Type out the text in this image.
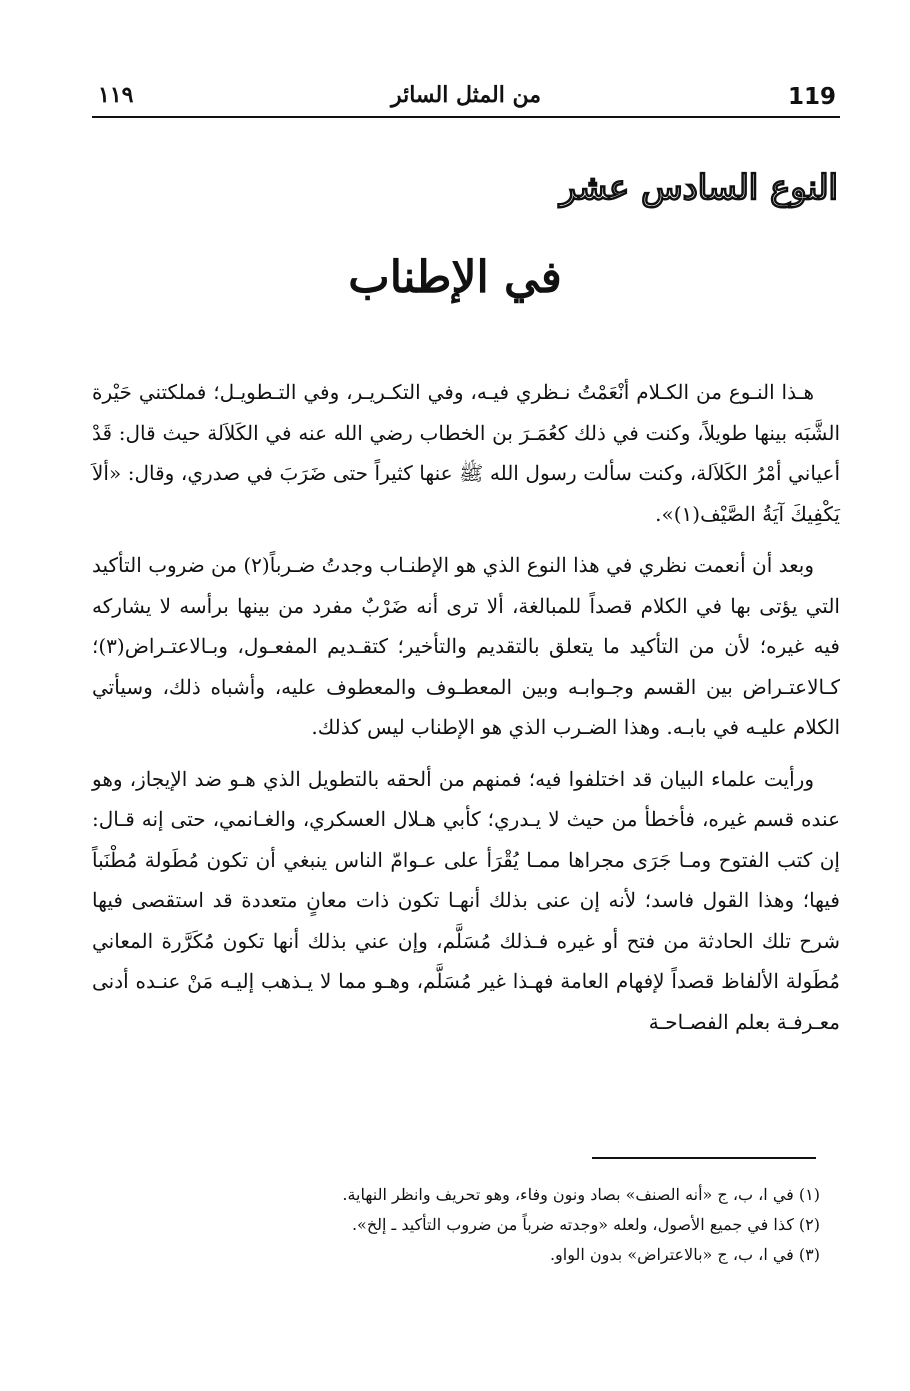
119
من المثل السائر
١١٩
النوع السادس عشر
في الإطناب

هـذا النـوع من الكـلام أنْعَمْتُ نـظري فيـه، وفي التكـريـر، وفي التـطويـل؛ فملكتني حَيْرة الشَّبَه بينها طويلاً، وكنت في ذلك كعُمَـرَ بن الخطاب رضي الله عنه في الكَلاَلة حيث قال: قَدْ أعياني أمْرُ الكَلاَلة، وكنت سألت رسول الله ﷺ عنها كثيراً حتى ضَرَبَ في صدري، وقال: «ألاَ يَكْفِيكَ آيَةُ الصَّيْف(١)».

وبعد أن أنعمت نظري في هذا النوع الذي هو الإطنـاب وجدتُ ضـرباً(٢) من ضروب التأكيد التي يؤتى بها في الكلام قصداً للمبالغة، ألا ترى أنه ضَرْبٌ مفرد من بينها برأسه لا يشاركه فيه غيره؛ لأن من التأكيد ما يتعلق بالتقديم والتأخير؛ كتقـديم المفعـول، وبـالاعتـراض(٣)؛ كـالاعتـراض بين القسم وجـوابـه وبين المعطـوف والمعطوف عليه، وأشباه ذلك، وسيأتي الكلام عليـه في بابـه. وهذا الضـرب الذي هو الإطناب ليس كذلك.

ورأيت علماء البيان قد اختلفوا فيه؛ فمنهم من ألحقه بالتطويل الذي هـو ضد الإيجاز، وهو عنده قسم غيره، فأخطأ من حيث لا يـدري؛ كأبي هـلال العسكري، والغـانمي، حتى إنه قـال: إن كتب الفتوح ومـا جَرَى مجراها ممـا يُقْرَأ على عـوامّ الناس ينبغي أن تكون مُطَولة مُطْنَباً فيها؛ وهذا القول فاسد؛ لأنه إن عنى بذلك أنهـا تكون ذات معانٍ متعددة قد استقصى فيها شرح تلك الحادثة من فتح أو غيره فـذلك مُسَلَّم، وإن عني بذلك أنها تكون مُكَرَّرة المعاني مُطَولة الألفاظ قصداً لإفهام العامة فهـذا غير مُسَلَّم، وهـو مما لا يـذهب إليـه مَنْ عنـده أدنى معـرفـة بعلم الفصـاحـة

(١) في ا، ب، ج «أنه الصنف» بصاد ونون وفاء، وهو تحريف وانظر النهاية.
(٢) كذا في جميع الأصول، ولعله «وجدته ضرباً من ضروب التأكيد ـ إلخ».
(٣) في ا، ب، ج «بالاعتراض» بدون الواو.
